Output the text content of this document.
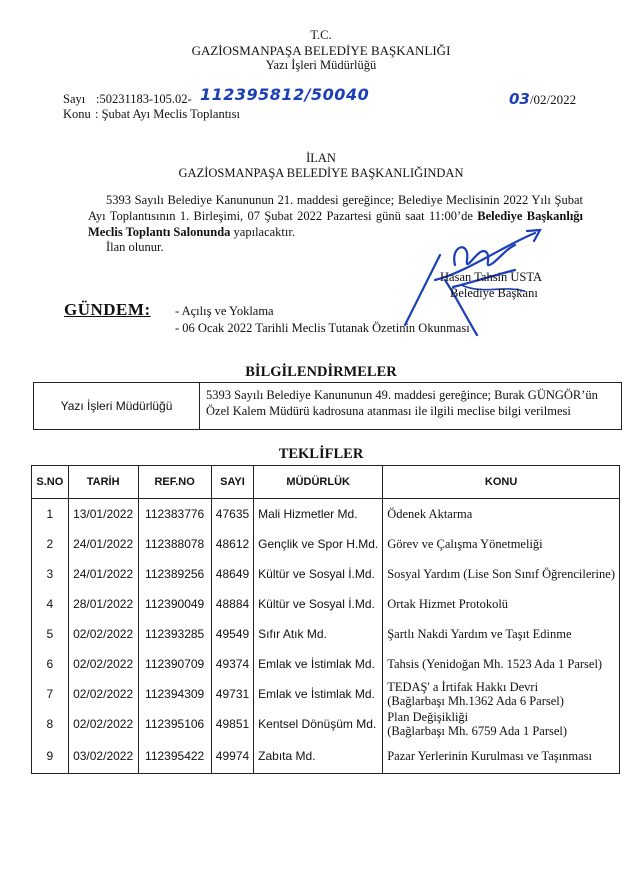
T.C.
GAZİOSMANPAŞA BELEDİYE BAŞKANLIĞI
Yazı İşleri Müdürlüğü
Sayı :50231183-105.02- 112395812/50040	03/02/2022
Konu : Şubat Ayı Meclis Toplantısı
İLAN
GAZİOSMANPAŞA BELEDİYE BAŞKANLIĞINDAN
5393 Sayılı Belediye Kanununun 21. maddesi gereğince; Belediye Meclisinin 2022 Yılı Şubat Ayı Toplantısının 1. Birleşimi, 07 Şubat 2022 Pazartesi günü saat 11:00’de Belediye Başkanlığı Meclis Toplantı Salonunda yapılacaktır.
İlan olunur.
Hasan Tahsin USTA
Belediye Başkanı
GÜNDEM: - Açılış ve Yoklama
- 06 Ocak 2022 Tarihli Meclis Tutanak Özetinin Okunması
BİLGİLENDİRMELER
Yazı İşleri Müdürlüğü
5393 Sayılı Belediye Kanununun 49. maddesi gereğince; Burak GÜNGÖR’ün Özel Kalem Müdürü kadrosuna atanması ile ilgili meclise bilgi verilmesi
TEKLİFLER
S.NO	TARİH	REF.NO	SAYI	MÜDÜRLÜK	KONU
1	13/01/2022	112383776	47635	Mali Hizmetler Md.	Ödenek Aktarma
2	24/01/2022	112388078	48612	Gençlik ve Spor H.Md.	Görev ve Çalışma Yönetmeliği
3	24/01/2022	112389256	48649	Kültür ve Sosyal İ.Md.	Sosyal Yardım (Lise Son Sınıf Öğrencilerine)
4	28/01/2022	112390049	48884	Kültür ve Sosyal İ.Md.	Ortak Hizmet Protokolü
5	02/02/2022	112393285	49549	Sıfır Atık Md.	Şartlı Nakdi Yardım ve Taşıt Edinme
6	02/02/2022	112390709	49374	Emlak ve İstimlak Md.	Tahsis (Yenidoğan Mh. 1523 Ada 1 Parsel)
7	02/02/2022	112394309	49731	Emlak ve İstimlak Md.	TEDAŞ' a İrtifak Hakkı Devri
(Bağlarbaşı Mh.1362 Ada 6 Parsel)
8	02/02/2022	112395106	49851	Kentsel Dönüşüm Md.	Plan Değişikliği
(Bağlarbaşı Mh. 6759 Ada 1 Parsel)
9	03/02/2022	112395422	49974	Zabıta Md.	Pazar Yerlerinin Kurulması ve Taşınması
